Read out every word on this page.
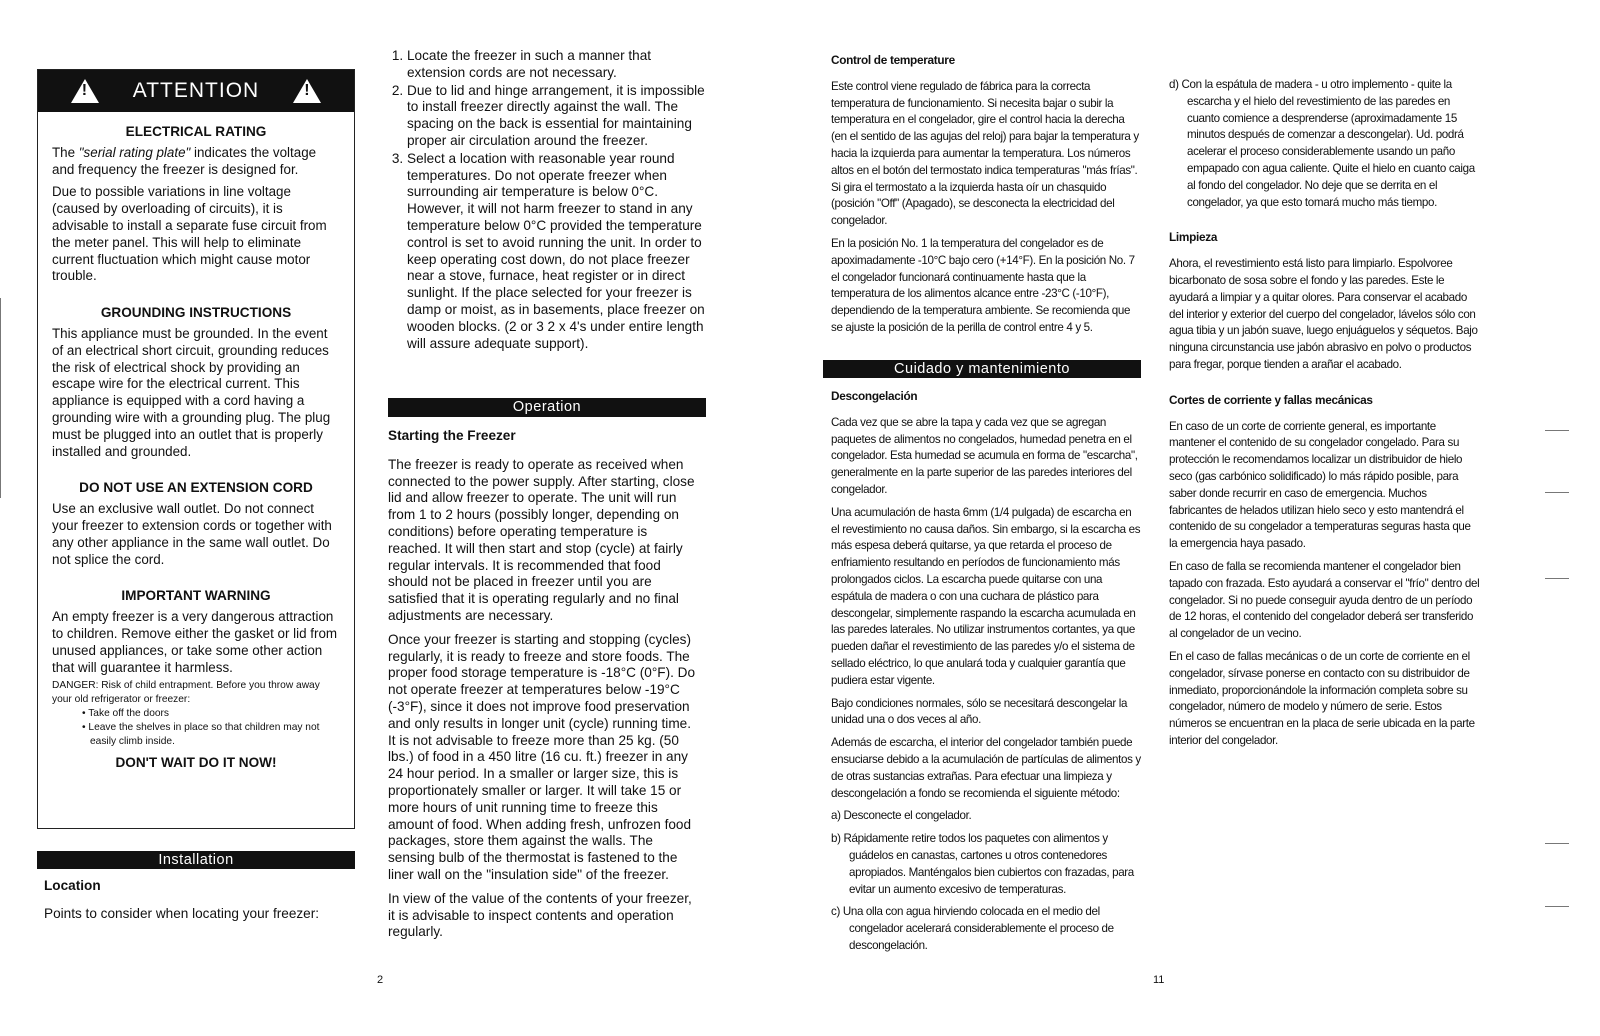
! ATTENTION	!

ELECTRICAL RATING

The "serial rating plate" indicates the voltage and frequency the freezer is designed for.

Due to possible variations in line voltage (caused by overloading of circuits), it is advisable to install a separate fuse circuit from the meter panel. This will help to eliminate current fluctuation which might cause motor trouble.

GROUNDING INSTRUCTIONS

This appliance must be grounded. In the event of an electrical short circuit, grounding reduces the risk of electrical shock by providing an escape wire for the electrical current. This appliance is equipped with a cord having a grounding wire with a grounding plug. The plug must be plugged into an outlet that is properly installed and grounded.

DO NOT USE AN EXTENSION CORD

Use an exclusive wall outlet. Do not connect your freezer to extension cords or together with any other appliance in the same wall outlet. Do not splice the cord.

IMPORTANT WARNING

An empty freezer is a very dangerous attraction to children. Remove either the gasket or lid from unused appliances, or take some other action that will guarantee it harmless.

DANGER: Risk of child entrapment. Before you throw away your old refrigerator or freezer:

• Take off the doors

• Leave the shelves in place so that children may not easily climb inside.

DON'T WAIT DO IT NOW!

Installation

Location

Points to consider when locating your freezer:

1. Locate the freezer in such a manner that extension cords are not necessary.
2. Due to lid and hinge arrangement, it is impossible to install freezer directly against the wall. The spacing on the back is essential for maintaining proper air circulation around the freezer.
3. Select a location with reasonable year round temperatures. Do not operate freezer when surrounding air temperature is below 0°C. However, it will not harm freezer to stand in any temperature below 0°C provided the temperature control is set to avoid running the unit. In order to keep operating cost down, do not place freezer near a stove, furnace, heat register or in direct sunlight. If the place selected for your freezer is damp or moist, as in basements, place freezer on wooden blocks. (2 or 3 2 x 4's under entire length will assure adequate support).
Operation

Starting the Freezer

The freezer is ready to operate as received when connected to the power supply. After starting, close lid and allow freezer to operate. The unit will run from 1 to 2 hours (possibly longer, depending on conditions) before operating temperature is reached. It will then start and stop (cycle) at fairly regular intervals. It is recommended that food should not be placed in freezer until you are satisfied that it is operating regularly and no final adjustments are necessary.

Once your freezer is starting and stopping (cycles) regularly, it is ready to freeze and store foods. The proper food storage temperature is -18°C (0°F). Do not operate freezer at temperatures below -19°C (-3°F), since it does not improve food preservation and only results in longer unit (cycle) running time. It is not advisable to freeze more than 25 kg. (50 lbs.) of food in a 450 litre (16 cu. ft.) freezer in any 24 hour period. In a smaller or larger size, this is proportionately smaller or larger. It will take 15 or more hours of unit running time to freeze this amount of food. When adding fresh, unfrozen food packages, store them against the walls. The sensing bulb of the thermostat is fastened to the liner wall on the "insulation side" of the freezer.

In view of the value of the contents of your freezer, it is advisable to inspect contents and operation regularly.

2

Control de temperature

Este control viene regulado de fábrica para la correcta temperatura de funcionamiento. Si necesita bajar o subir la temperatura en el congelador, gire el control hacia la derecha (en el sentido de las agujas del reloj) para bajar la temperatura y hacia la izquierda para aumentar la temperatura. Los números altos en el botón del termostato indica temperaturas "más frías". Si gira el termostato a la izquierda hasta oír un chasquido (posición "Off" (Apagado), se desconecta la electricidad del congelador.

En la posición No. 1 la temperatura del congelador es de apoximadamente -10°C bajo cero (+14°F). En la posición No. 7 el congelador funcionará continuamente hasta que la temperatura de los alimentos alcance entre -23°C (-10°F), dependiendo de la temperatura ambiente. Se recomienda que se ajuste la posición de la perilla de control entre 4 y 5.

Cuidado y mantenimiento

Descongelación

Cada vez que se abre la tapa y cada vez que se agregan paquetes de alimentos no congelados, humedad penetra en el congelador. Esta humedad se acumula en forma de "escarcha", generalmente en la parte superior de las paredes interiores del congelador.

Una acumulación de hasta 6mm (1/4 pulgada) de escarcha en el revestimiento no causa daños. Sin embargo, si la escarcha es más espesa deberá quitarse, ya que retarda el proceso de enfriamiento resultando en períodos de funcionamiento más prolongados ciclos. La escarcha puede quitarse con una espátula de madera o con una cuchara de plástico para descongelar, simplemente raspando la escarcha acumulada en las paredes laterales. No utilizar instrumentos cortantes, ya que pueden dañar el revestimiento de las paredes y/o el sistema de sellado eléctrico, lo que anulará toda y cualquier garantía que pudiera estar vigente.

Bajo condiciones normales, sólo se necesitará descongelar la unidad una o dos veces al año.

Además de escarcha, el interior del congelador también puede ensuciarse debido a la acumulación de partículas de alimentos y de otras sustancias extrañas. Para efectuar una limpieza y descongelación a fondo se recomienda el siguiente método:

a) Desconecte el congelador.

b) Rápidamente retire todos los paquetes con alimentos y guádelos en canastas, cartones u otros contenedores apropiados. Manténgalos bien cubiertos con frazadas, para evitar un aumento excesivo de temperaturas.

c) Una olla con agua hirviendo colocada en el medio del congelador acelerará considerablemente el proceso de descongelación.

d) Con la espátula de madera - u otro implemento - quite la escarcha y el hielo del revestimiento de las paredes en cuanto comience a desprenderse (aproximadamente 15 minutos después de comenzar a descongelar). Ud. podrá acelerar el proceso considerablemente usando un paño empapado con agua caliente. Quite el hielo en cuanto caiga al fondo del congelador. No deje que se derrita en el congelador, ya que esto tomará mucho más tiempo.

Limpieza

Ahora, el revestimiento está listo para limpiarlo. Espolvoree bicarbonato de sosa sobre el fondo y las paredes. Este le ayudará a limpiar y a quitar olores. Para conservar el acabado del interior y exterior del cuerpo del congelador, lávelos sólo con agua tibia y un jabón suave, luego enjuáguelos y séquetos. Bajo ninguna circunstancia use jabón abrasivo en polvo o productos para fregar, porque tienden a arañar el acabado.

Cortes de corriente y fallas mecánicas

En caso de un corte de corriente general, es importante mantener el contenido de su congelador congelado. Para su protección le recomendamos localizar un distribuidor de hielo seco (gas carbónico solidificado) lo más rápido posible, para saber donde recurrir en caso de emergencia. Muchos fabricantes de helados utilizan hielo seco y esto mantendrá el contenido de su congelador a temperaturas seguras hasta que la emergencia haya pasado.

En caso de falla se recomienda mantener el congelador bien tapado con frazada. Esto ayudará a conservar el "frío" dentro del congelador. Si no puede conseguir ayuda dentro de un período de 12 horas, el contenido del congelador deberá ser transferido al congelador de un vecino.

En el caso de fallas mecánicas o de un corte de corriente en el congelador, sírvase ponerse en contacto con su distribuidor de inmediato, proporcionándole la información completa sobre su congelador, número de modelo y número de serie. Estos números se encuentran en la placa de serie ubicada en la parte interior del congelador.

11
